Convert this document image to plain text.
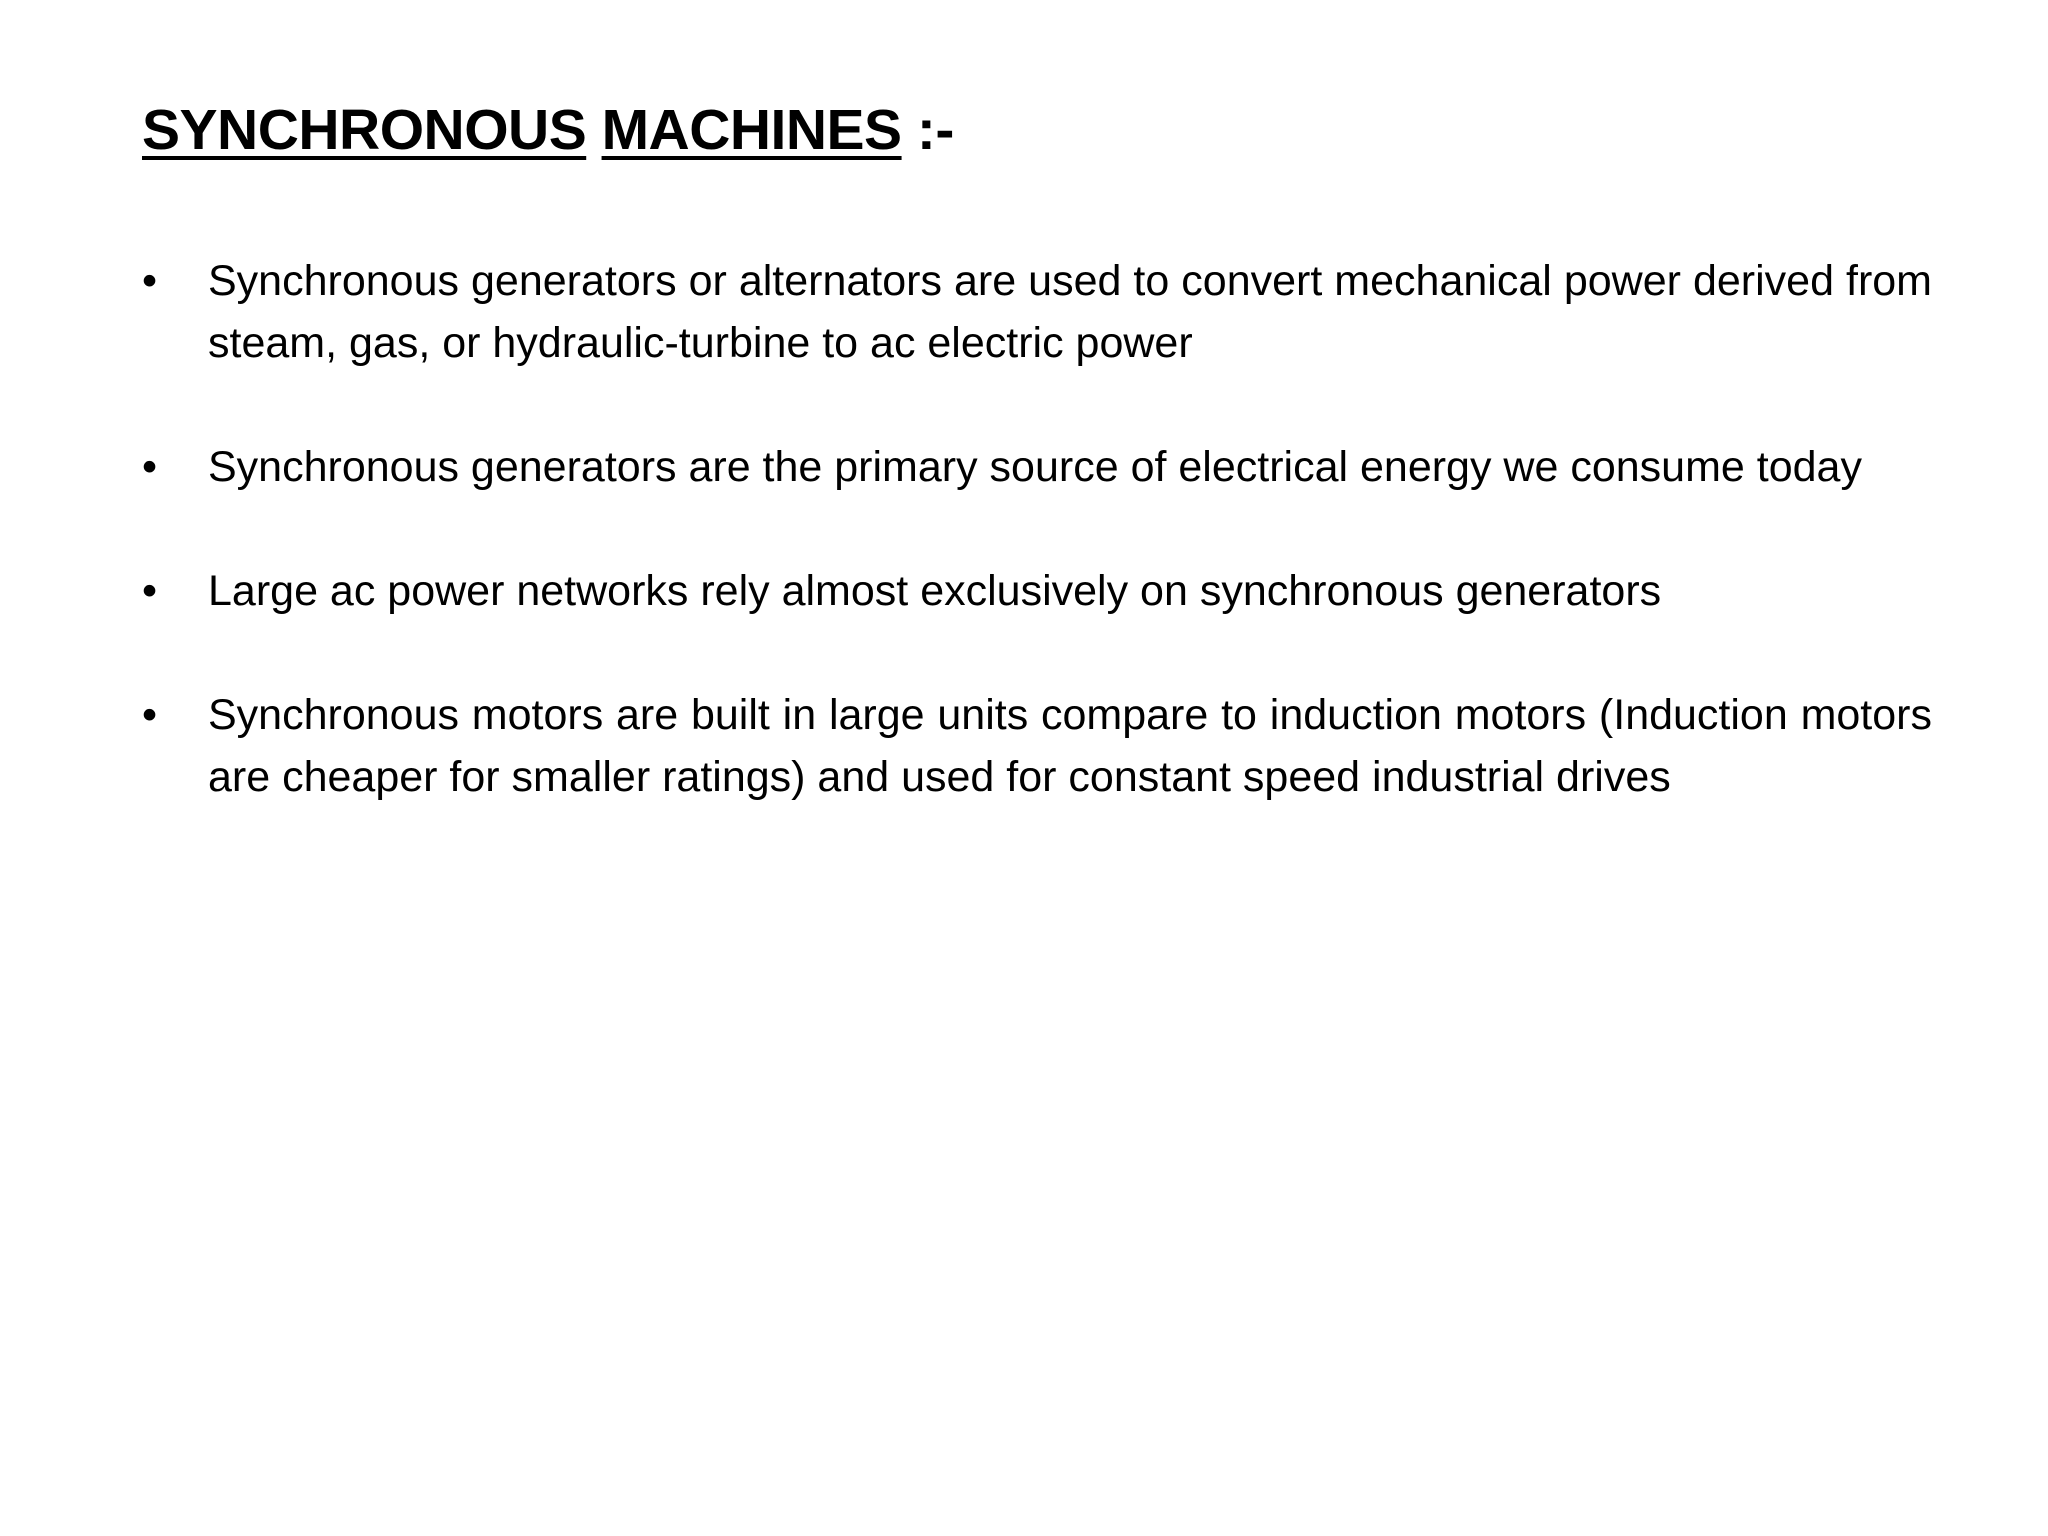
SYNCHRONOUS MACHINES :-
•	Synchronous generators or alternators are used to convert mechanical power derived from steam, gas, or hydraulic-turbine to ac electric power
•	Synchronous generators are the primary source of electrical energy we consume today
•	Large ac power networks rely almost exclusively on synchronous generators
•	Synchronous motors are built in large units compare to induction motors (Induction motors are cheaper for smaller ratings) and used for constant speed industrial drives
